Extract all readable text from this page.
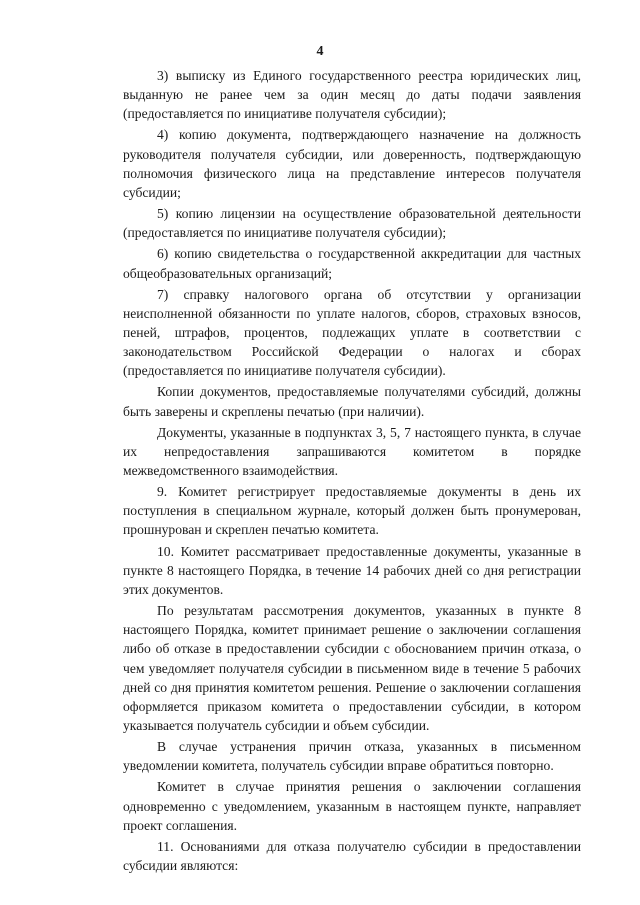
4

3) выписку из Единого государственного реестра юридических лиц, выданную не ранее чем за один месяц до даты подачи заявления (предоставляется по инициативе получателя субсидии);

4) копию документа, подтверждающего назначение на должность руководителя получателя субсидии, или доверенность, подтверждающую полномочия физического лица на представление интересов получателя субсидии;

5) копию лицензии на осуществление образовательной деятельности (предоставляется по инициативе получателя субсидии);

6) копию свидетельства о государственной аккредитации для частных общеобразовательных организаций;

7) справку налогового органа об отсутствии у организации неисполненной обязанности по уплате налогов, сборов, страховых взносов, пеней, штрафов, процентов, подлежащих уплате в соответствии с законодательством Российской Федерации о налогах и сборах (предоставляется по инициативе получателя субсидии).

Копии документов, предоставляемые получателями субсидий, должны быть заверены и скреплены печатью (при наличии).

Документы, указанные в подпунктах 3, 5, 7 настоящего пункта, в случае их непредоставления запрашиваются комитетом в порядке межведомственного взаимодействия.

9. Комитет регистрирует предоставляемые документы в день их поступления в специальном журнале, который должен быть пронумерован, прошнурован и скреплен печатью комитета.

10. Комитет рассматривает предоставленные документы, указанные в пункте 8 настоящего Порядка, в течение 14 рабочих дней со дня регистрации этих документов.

По результатам рассмотрения документов, указанных в пункте 8 настоящего Порядка, комитет принимает решение о заключении соглашения либо об отказе в предоставлении субсидии с обоснованием причин отказа, о чем уведомляет получателя субсидии в письменном виде в течение 5 рабочих дней со дня принятия комитетом решения. Решение о заключении соглашения оформляется приказом комитета о предоставлении субсидии, в котором указывается получатель субсидии и объем субсидии.

В случае устранения причин отказа, указанных в письменном уведомлении комитета, получатель субсидии вправе обратиться повторно.

Комитет в случае принятия решения о заключении соглашения одновременно с уведомлением, указанным в настоящем пункте, направляет проект соглашения.

11. Основаниями для отказа получателю субсидии в предоставлении субсидии являются:
